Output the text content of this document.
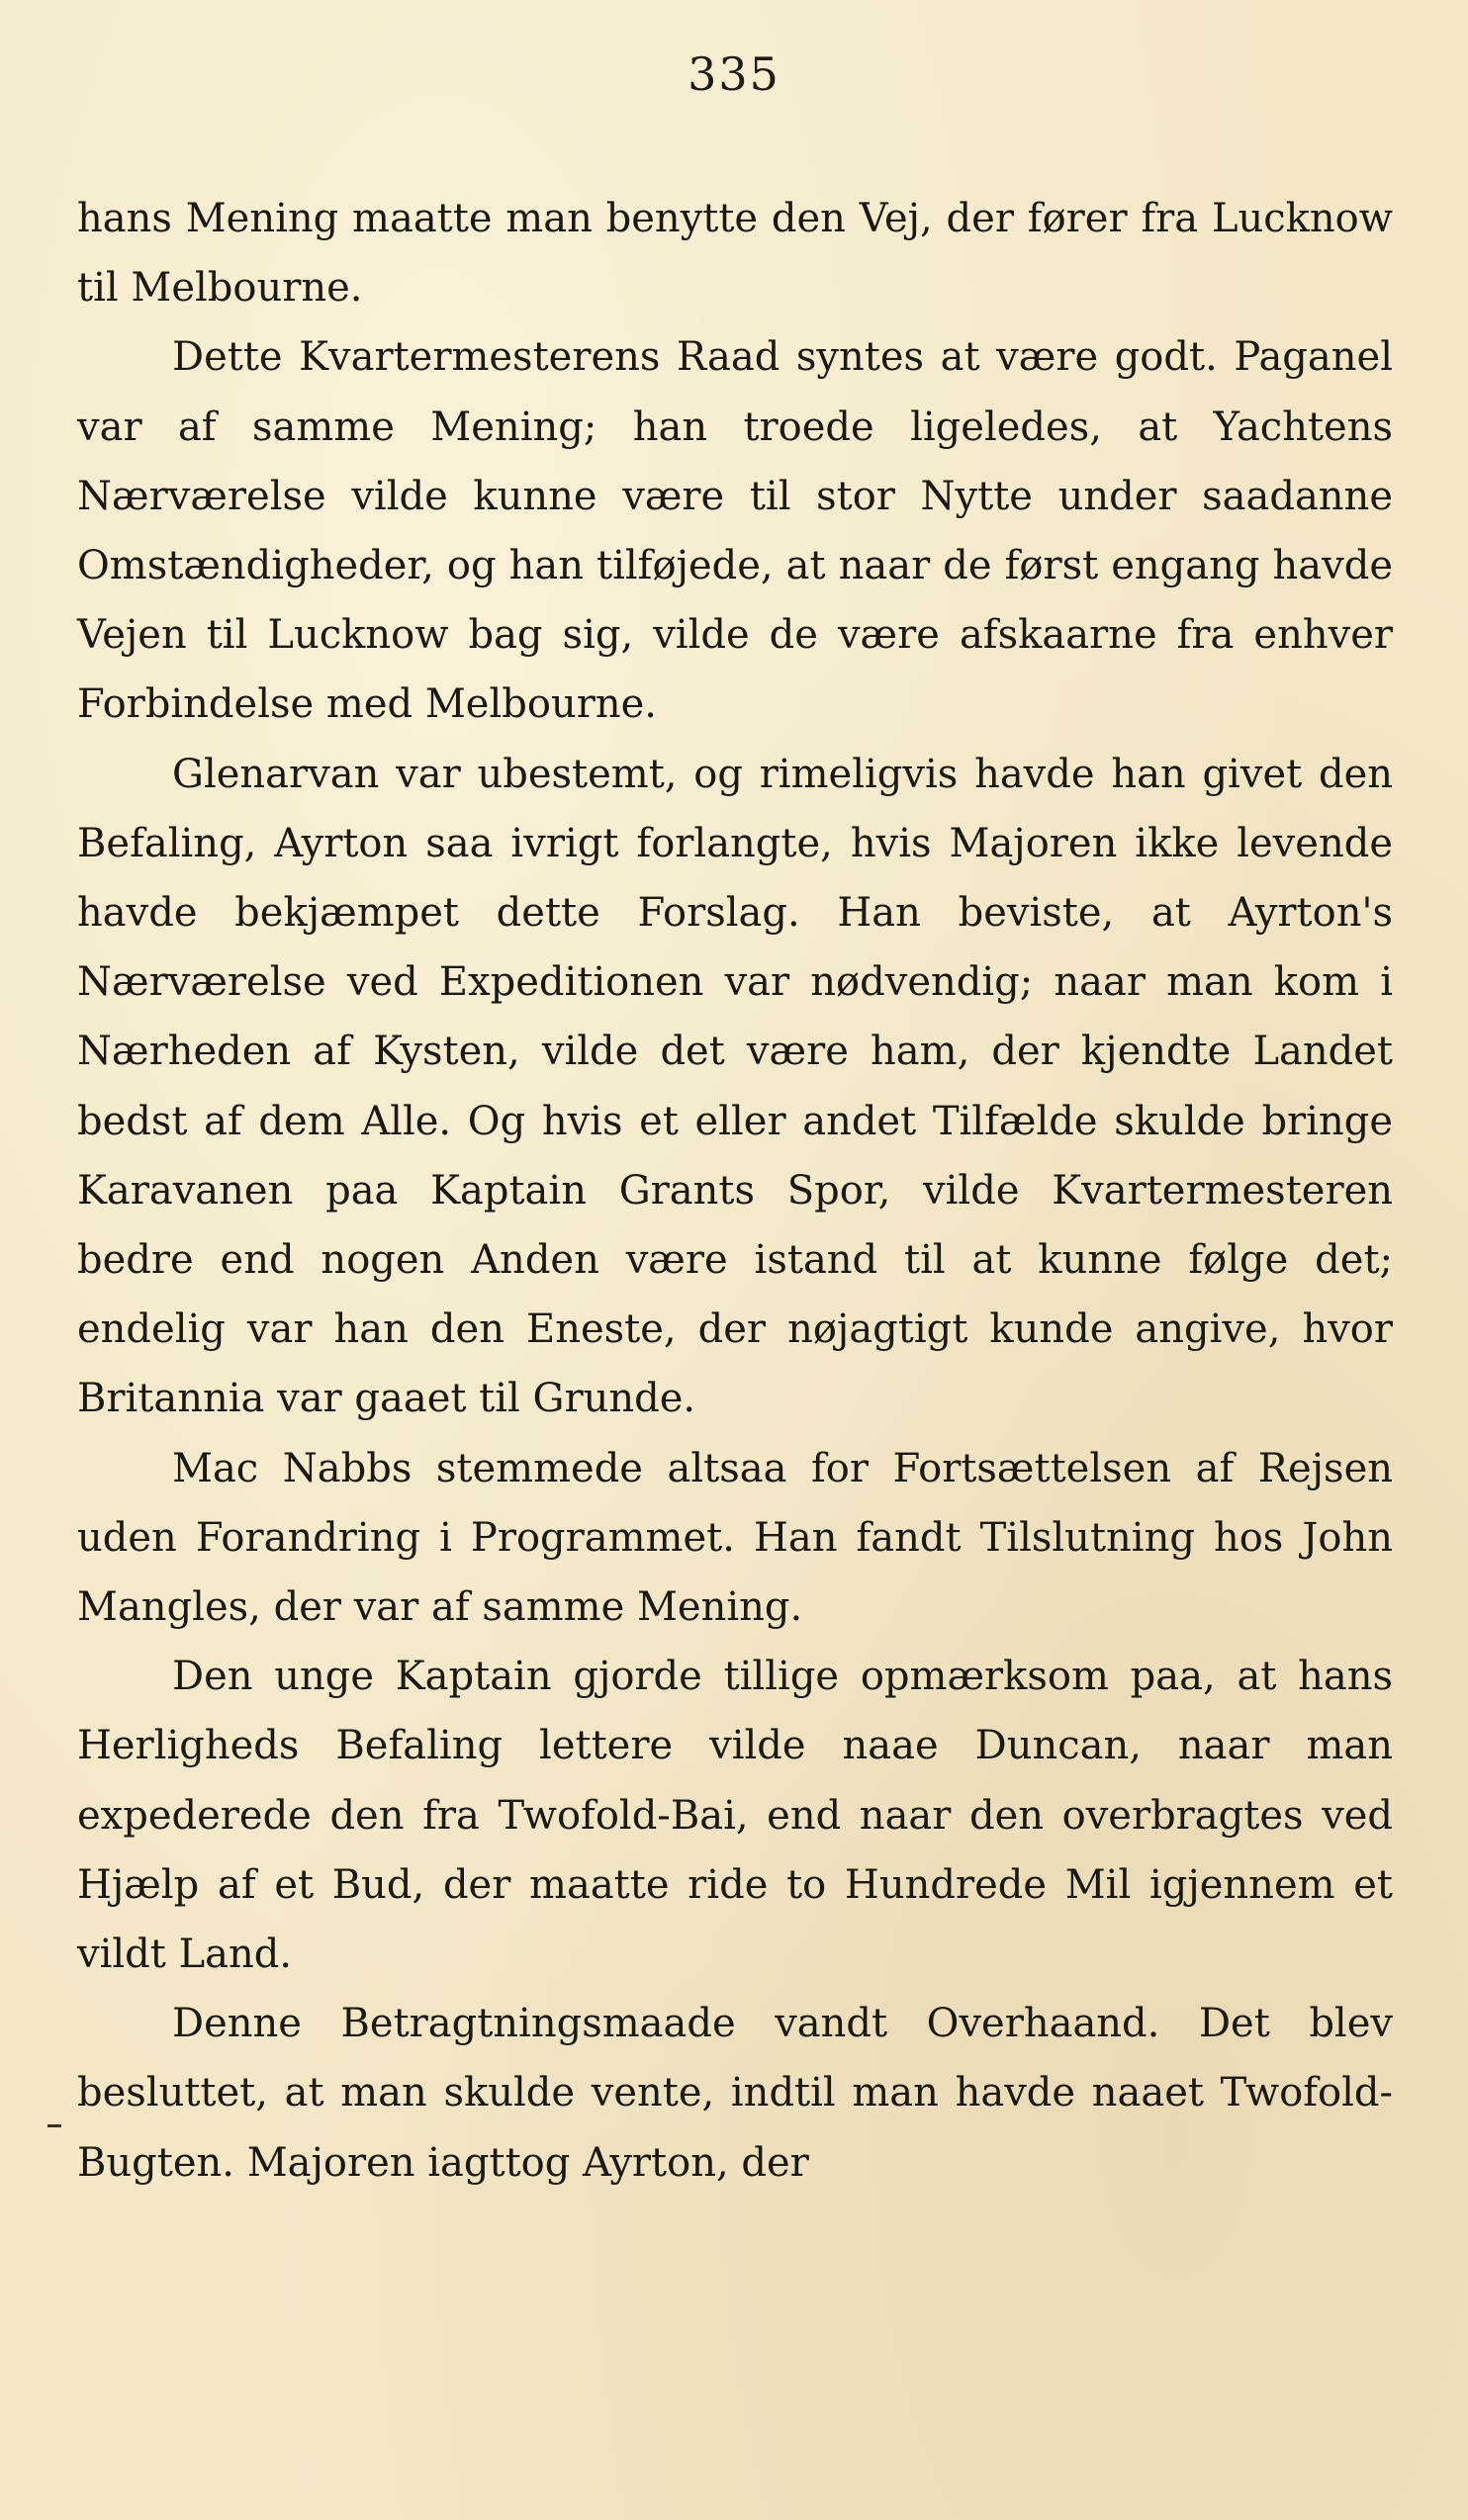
335

hans Mening maatte man benytte den Vej, der fører fra Lucknow til Melbourne.

Dette Kvartermesterens Raad syntes at være godt. Paganel var af samme Mening; han troede ligeledes, at Yachtens Nærværelse vilde kunne være til stor Nytte under saadanne Omstændigheder, og han tilføjede, at naar de først engang havde Vejen til Lucknow bag sig, vilde de være afskaarne fra enhver Forbindelse med Melbourne.

Glenarvan var ubestemt, og rimeligvis havde han givet den Befaling, Ayrton saa ivrigt forlangte, hvis Majoren ikke levende havde bekjæmpet dette Forslag. Han beviste, at Ayrton's Nærværelse ved Expeditionen var nødvendig; naar man kom i Nærheden af Kysten, vilde det være ham, der kjendte Landet bedst af dem Alle. Og hvis et eller andet Tilfælde skulde bringe Karavanen paa Kaptain Grants Spor, vilde Kvartermesteren bedre end nogen Anden være istand til at kunne følge det; endelig var han den Eneste, der nøjagtigt kunde angive, hvor Britannia var gaaet til Grunde.

Mac Nabbs stemmede altsaa for Fortsættelsen af Rejsen uden Forandring i Programmet. Han fandt Tilslutning hos John Mangles, der var af samme Mening.

Den unge Kaptain gjorde tillige opmærksom paa, at hans Herligheds Befaling lettere vilde naae Duncan, naar man expederede den fra Twofold-Bai, end naar den overbragtes ved Hjælp af et Bud, der maatte ride to Hundrede Mil igjennem et vildt Land.

Denne Betragtningsmaade vandt Overhaand. Det blev besluttet, at man skulde vente, indtil man havde naaet Twofold-Bugten. Majoren iagttog Ayrton, der
